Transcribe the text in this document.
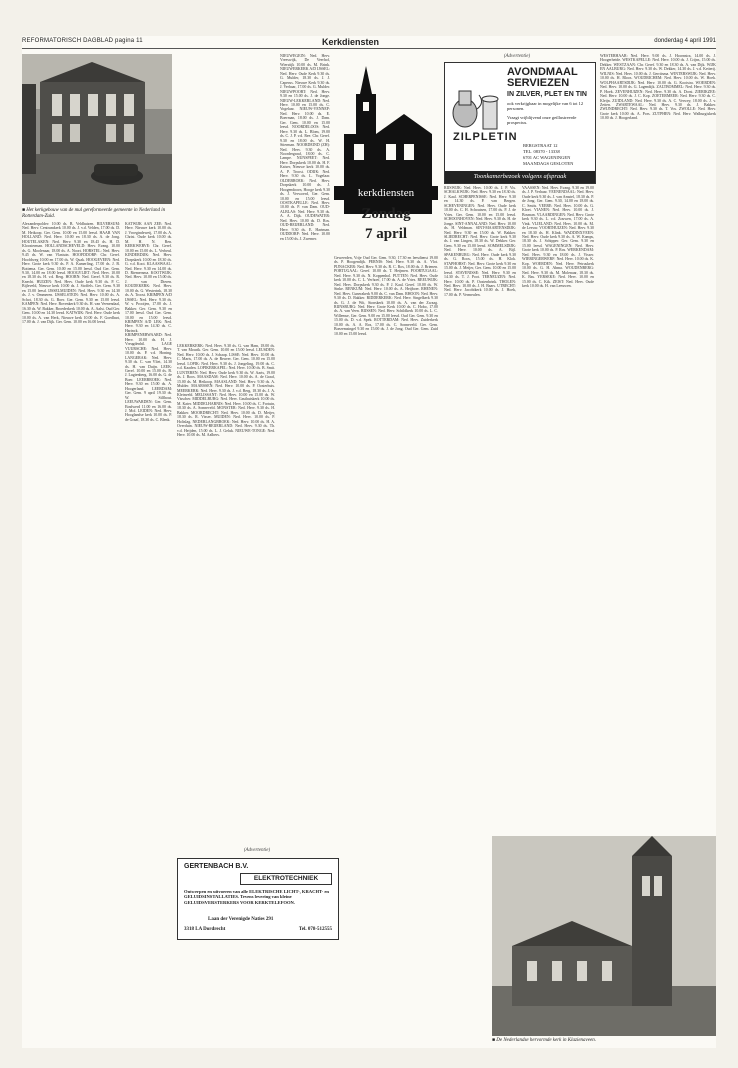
REFORMATORISCH DAGBLAD pagina 11	Kerkdiensten	donderdag 4 april 1991
■ Het kerkgebouw van de mul gereformeerde gemeente in Nederland in Rotterdam-Zuid.

Alexanderpolder: 10.00 ds. B. Veldhuizen. BILVERSUM: Ned. Herv. Centrumkerk 10.00 ds. J. v.d. Velden, 17.00 ds. D. M. Heikoop. Ger. Gem. 10.00 en 15.00 leesd. HAAR VAN HOLLAND: Ned. Herv. 10.00 en 18.30 ds. A. de Jong. HOUTELAKEN: Ned. Herv. 9.30 en 18.45 ds. H. D. Kloosterman. HOLLANDSCHEVELD: Herv. Evang. 10.00 ds. G. Moolenaar, 18.00 ds. A. Noort. HORSTEL: Ned. Herv. 9.45 ds. W. van Vlastuin. HOOFDDORP: Chr. Geref. Hoofdweg 10.00 en 17.00 ds. W. Quak. HOOGEVEEN: Ned. Herv. Grote kerk 9.30 ds. P. A. Kamerling, 17.00 ds. J. B. Bottema. Ger. Gem. 10.00 en 15.00 leesd. Oud Ger. Gem. 9.30, 14.00 en 18.00 leesd. HOOGVLIET: Ned. Herv. 10.00 en 18.30 ds. H. v.d. Berg. HOORN: Ned. Geref. 9.30 ds. R. Knecht. HUIZEN: Ned. Herv. Oude kerk 9.30 ds. P. C. Bijleveld, Nieuwe kerk 10.00 ds. J. Stoffels. Ger. Gem. 9.30 en 15.00 leesd. IJSSELMUIDEN: Ned. Herv. 9.30 en 14.30 ds. J. v. Ommeren. IJSSELSTEIN: Ned. Herv. 10.00 ds. A. Schot, 18.30 ds. G. Boer. Ger. Gem. 9.30 en 15.00 leesd. KAMPEN: Ned. Herv. Bovenkerk 9.30 ds. H. van Veenendaal, 16.30 ds. W. Bakker, Broederkerk 10.00 ds. A. Aalst. Oud Ger. Gem. 10.00 en 14.30 leesd. KATWIJK: Ned. Herv. Oude kerk 10.00 ds. A. van Herk, Nieuwe kerk 10.00 ds. F. Goedhart, 17.00 ds. J. van Dijk. Ger. Gem. 10.00 en 16.00 leesd.

KATWIJK AAN ZEE: Ned. Herv. Nieuwe kerk 10.00 ds. J. Vroegindeweij, 17.00 ds. A. Christ. Oude kerk 10.00 ds. M. H. N. Ren. KERKWERVE: Chr. Geref. 10.00 en 15.00 ds. L. Verheul. KINDERDIJK: Ned. Herv. Dorpskerk 10.00 en 18.30 ds. G. v.d. Kooi. KLAASWAAL: Ned. Herv. 9.30 en 14.00 ds. D. Riemersma. KOOTWIJK: Ned. Herv. 10.00 en 15.00 ds. J. van Dieren. KOUDEKERK: Ned. Herv. 10.00 ds. G. Westerink, 18.30 ds. A. Troost. KRIMPEN A/D IJSSEL: Ned. Herv. 9.30 ds. W. v. Prooijen, 17.00 ds. J. Bakker. Ger. Gem. 9.30 en 17.00 leesd. Oud Ger. Gem. 10.00 en 15.00 leesd. KRIMPEN A/D LEK: Ned. Herv. 9.30 en 14.30 ds. C. Harinck. KRIMPENERWAARD: Ned. Herv. 10.00 ds. H. J. Vreugdenhil. LAGE VUURSCHE: Ned. Herv. 10.00 ds. P. v.d. Honing. LANGERAK: Ned. Herv. 9.30 ds. C. van Vliet, 14.30 ds. H. van Duijn. LEEK: Geref. 10.00 en 15.00 ds. B. J. Lugtenberg, 16.00 ds. G. de Boer. LEERBROEK: Ned. Herv. 9.30 en 15.00 ds. A. Hoogerland. LEERDAM: Ger. Gem. 9 april 19.30 ds. W. Silfhout. LEEUWARDEN: Ger. Gem. Eindwerd 11.00 en 16.00 ds. J. Mol. LEIDEN: Ned. Herv. Hooglandse kerk 10.00 ds. P. de Graaf, 18.30 ds. C. Blenk.

LEKKERKERK: Ned. Herv. 9.30 ds. G. van Ham, 18.00 ds. T. van Mourik. Ger. Gem. 10.00 en 15.00 leesd. LEUSDEN: Ned. Herv. 10.00 ds. J. Schaap. LISSE: Ned. Herv. 10.00 ds. C. Maris, 17.00 ds. A. de Reuver. Ger. Gem. 10.00 en 15.00 leesd. LOPIK: Ned. Herv. 9.30 ds. J. Jongeling, 19.00 ds. C. v.d. Kaaden. LOPIKERKAPEL: Ned. Herv. 10.00 ds. B. Smit. LUNTEREN: Ned. Herv. Oude kerk 9.30 ds. W. Aarts, 19.00 ds. J. Roos. MAASDAM: Ned. Herv. 10.00 ds. A. de Graaf, 15.00 ds. M. Heikoop. MAASLAND: Ned. Herv. 9.30 ds. A. Mulder. MAARSSEN: Ned. Herv. 10.00 ds. P. Oosterhuis. MEERKERK: Ned. Herv. 9.30 ds. J. v.d. Berg, 18.30 ds. J. A. Kleinveld. MELISSANT: Ned. Herv. 10.00 en 15.00 ds. W. Visscher. MIDDELBURG: Ned. Herv. Gasthuiskerk 10.00 ds. M. Kater. MIDDELHARNIS: Ned. Herv. 10.00 ds. C. Fortuin, 18.30 ds. A. Sonneveld. MONSTER: Ned. Herv. 9.30 ds. H. Bakker. MOORDRECHT: Ned. Herv. 10.00 ds. D. Meijer, 18.30 ds. R. Visser. MUIDEN: Ned. Herv. 10.00 ds. P. Holtslag. NEDERLANGBROEK: Ned. Herv. 10.00 ds. H. A. Overduin. NIEUW-BEIJERLAND: Ned. Herv. 9.30 ds. Th. v.d. Heijden, 15.00 ds. L. J. Geluk. NIEUWE-TONGE: Ned. Herv. 10.00 ds. M. Aalbers.

NIEUWEGEIN: Ned. Herv. Vreeswijk, De Veerhof, Wierstijk 10.00 ds. M. Brink. NIEUWERKERK A/D IJSSEL: Ned. Herv. Oude Kerk 9.30 ds. G. Mulder, 18.30 ds. J. J. Caperus. Nieuwe Kerk 9.30 ds. J. Verhaar, 17.00 ds. G. Mulder. NIEUWPOORT: Ned. Herv. 9.30 en 15.00 ds. J. de Jonge. NIEUW-LEKKERLAND: Ned. Herv. 10.00 en 15.00 ds. C. Vogelaar. NIEUW-VENNEP: Ned. Herv. 10.00 ds. E. Boerman, 18.00 ds. J. Dam. Ger. Gem. 10.00 en 15.00 leesd. NOORDELOOS: Ned. Herv. 9.30 ds. L. Blom, 19.00 ds. C. J. P. v.d. Ree. Chr. Geref. 9.30 en 18.00 ds. W. H. Stierman. NOORDEIND (ZH): Ned. Herv. 9.30 ds. A. Noordergraaf, 18.00 ds. C. Lampe. NUNSPEET: Ned. Herv. Dorpskerk 10.00 ds. H. F. Kaiser, Nieuwe kerk 10.00 ds. A. P. Troost. ODIJK: Ned. Herv. 9.30 ds. L. Vogelaar. OLDEBROEK: Ned. Herv. Dorpskerk 10.00 ds. J. Hoogendoorn, Hooge kerk 9.30 ds. J. Verwoerd, Ger. Gem. 10.00 en 15.00 leesd. OOSTKAPELLE: Ned. Herv. 10.00 ds. P. van Dam. OUD-ALBLAS: Ned. Herv. 9.30 ds. A. A. Dijk. OUDEWATER: Ned. Herv. 10.00 ds. D. Ros. OUD-BEIJERLAND: Ned. Herv. 9.30 ds. E. Hartman. OUDDORP: Ned. Herv. 10.00 en 15.00 ds. J. Zwemer.

kerkdiensten
Zondag
7 april

Geweerden, Vrije Oud Ger. Gem. 9.30, 17.30 en leesdienst 19.00 ds. P. Hoogendijk. PERNIS: Ned. Herv. 9.30 ds. A. Vlot. PIJNACKER: Ned. Herv. 9.30 ds. R. C. Ros, 18.00 ds. J. Brienen. PORTUGAAL: Geref. 10.00 ds. T. Heijmen. POORTUGAAL: Ned. Herv. 9.30 ds. N. Koppenhol. PUTTEN: Ned. Herv. Oude kerk 10.00 ds. C. L. Verhoef, 17.00 ds. A. de Vries. REEUWIJK: Ned. Herv. Dorpskerk 9.30 ds. P. J. Kaal. Geref. 10.00 ds. W. Sinke. RENKUM: Ned. Herv. 10.00 ds. A. Heijboer. RHENEN: Ned. Herv. Cunerakerk 9.00 ds. C. van Dam. RHOON: Ned. Herv. 9.30 ds. D. Bakker. RIDDERKERK: Ned. Herv. Singelkerk 9.30 ds. G. J. de Wit, Sionskerk 10.00 ds. A. van der Zwaag. RIJNSBURG: Ned. Herv. Grote Kerk 10.00 ds. C. Hobo, 17.00 ds. A. van Veen. RIJSSEN: Ned. Herv. Schildkerk 10.00 ds. L. C. Willemse, Ger. Gem. 9.00 en 15.00 leesd. Oud Ger. Gem. 9.30 en 15.00 ds. D. v.d. Spek. ROTTERDAM: Ned. Herv. Zuiderkerk 10.00 ds. A. A. Ros, 17.00 ds. C. Sonneveld. Ger. Gem. Boezemsingel 9.30 en 15.00 ds. J. de Jong. Oud Ger. Gem. Zuid 10.00 en 15.00 leesd.

(Advertentie)
AVONDMAAL SERVIEZEN
IN ZILVER, PLET EN TIN
ook verkrijgbaar in mogelijke van 6 tot 12 personen.
Vraagt vrijblijvend onze geillustreerde prospectus.
ZILPLETIN
BERGSTRAAT 12
TEL. 08370 - 13338
6701 AC WAGENINGEN
MAANDAGS GESLOTEN
Toonkamerbezoek volgens afspraak

RIJSWIJK: Ned. Herv. 10.00 ds. J. P. Vis. SCHALKWIJK: Ned. Herv. 9.30 en 18.30 ds. J. Kaal. SCHERPENISSE: Ned. Herv. 9.30 en 14.30 ds. P. van Bergen. SCHEVENINGEN: Ned. Herv. Oude kerk 10.00 ds. C. H. Schoutsen, 17.00 ds. P. J. de Vries. Ger. Gem. 10.00 en 15.00 leesd. SCHOONHOVEN: Ned. Herv. 9.30 ds. H. de Jonge. SINT-ANNALAND: Ned. Herv. 10.00 ds. H. Veldman. SINT-MAARTENSDIJK: Ned. Herv. 9.30 en 15.00 ds. W. Bakker. SLIEDRECHT: Ned. Herv. Grote kerk 9.30 ds. J. van Lingen, 18.30 ds. W. Dekker. Ger. Gem. 9.30 en 15.00 leesd. SOMMELSDIJK: Ned. Herv. 10.00 ds. A. Bijl. SPAKENBURG: Ned. Herv. Oude kerk 9.30 ds. G. Roos, 15.00 ds. H. Klok. STAPHORST: Ned. Herv. Grote kerk 9.30 en 15.00 ds. J. Meijer, Ger. Gem. 10.00 en 15.00 leesd. STAVENISSE: Ned. Herv. 9.30 en 14.30 ds. T. J. Poot. TERNEUZEN: Ned. Herv. 10.00 ds. P. Oostenbrink. THOLEN: Ned. Herv. 10.00 ds. J. H. Baars. UTRECHT: Ned. Herv. Jacobikerk 10.00 ds. J. Hoek, 17.00 ds. P. Vermeulen.

VAASSEN: Ned. Herv. Evang. 9.30 en 19.00 ds. J. P. Verhaar. VEENENDAAL: Ned. Herv. Oude kerk 9.30 ds. J. van Amstel, 18.30 ds. P. de Jong. Ger. Gem. 9.30, 14.00 en 18.00 ds. C. Smits. VEERE: Ned. Herv. 10.00 ds. G. Kloet. VIANEN: Ned. Herv. 10.00 ds. J. Bosman. VLAARDINGEN: Ned. Herv. Grote kerk 9.30 ds. L. v.d. Zouwen, 17.00 ds. A. Vink. VLIELAND: Ned. Herv. 10.00 ds. M. de Leeuw. VOORTHUIZEN: Ned. Herv. 9.30 en 18.30 ds. H. Klink. WADDINXVEEN: Ned. Herv. Oude kerk 9.30 ds. A. W. Kamps, 18.30 ds. J. Schipper. Ger. Gem. 9.30 en 15.00 leesd. WAGENINGEN: Ned. Herv. Grote kerk 10.00 ds. P. Ros. WERKENDAM: Ned. Herv. 9.30 en 18.00 ds. J. Visser. WIERINGERWERF: Ned. Herv. 10.00 ds. K. Kop. WOERDEN: Ned. Herv. Petruskerk 10.00 ds. G. H. Abma. WOUDENBERG: Ned. Herv. 9.30 ds. M. Molenaar, 18.30 ds. K. Bas. YERSEKE: Ned. Herv. 10.00 en 15.00 ds. C. Kik. ZEIST: Ned. Herv. Oude kerk 10.00 ds. H. van Leeuwen.

WESTERHAAR: Ned. Herv. 9.00 ds. J. Hoornstra, 14.00 ds. J. Hoogerheide. WESTKAPELLE: Ned. Herv. 10.00 ds. J. Crijns, 15.00 ds. Dekker. WESTZAAN: Chr. Geref. 9.30 en 18.30 ds. A. van Dijk. WIJK EN AALBURG: Ned. Herv. 9.30 ds. W. Dekker, 14.30 ds. J. v.d. Ketterij. WILNIS: Ned. Herv. 10.00 ds. J. Gerritsma. WINTERSWIJK: Ned. Herv. 10.00 ds. H. Bloos. WOUDRICHEM: Ned. Herv. 10.00 ds. W. Hoek. WOLPHAARTSDIJK: Ned. Herv. 10.00 ds. G. Kooistra. WOERDEN: Ned. Herv. 10.00 ds. G. Lagendijk. ZALTBOMMEL: Ned. Herv. 9.30 ds. P. Hoek. ZEVENHUIZEN: Ned. Herv. 9.30 ds. A. Dorst. ZIERIKZEE: Ned. Herv. 10.00 ds. J. C. Kop. ZOETERMEER: Ned. Herv. 9.30 ds. C. Kleijn. ZUIDLAND: Ned. Herv. 9.30 ds. A. C. Verwey, 18.00 ds. J. v. Zetten. ZWARTEWAAL: Ned. Herv. 9.30 ds. J. Bakker. ZWIJNDRECHT: Ned. Herv. 9.30 ds. T. Vos. ZWOLLE: Ned. Herv. Grote kerk 10.00 ds. A. Pors. ZUTPHEN: Ned. Herv. Walburgiskerk 10.00 ds. J. Hoogerland.

(Advertentie)
GERTENBACH B.V.
ELEKTROTECHNIEK
Ontwerpen en uitvoeren van alle ELEKTRISCHE LICHT-, KRACHT- en GELUIDSINSTALLATIES. Tevens levering van kleine GELUIDSVERSTERKERS VOOR KERKTELEFOON.
Laan der Verenigde Naties 291
3318 LA Dordrecht	Tel. 078-512555
■ De Nederlandse hervormde kerk in Klazienaveen.
